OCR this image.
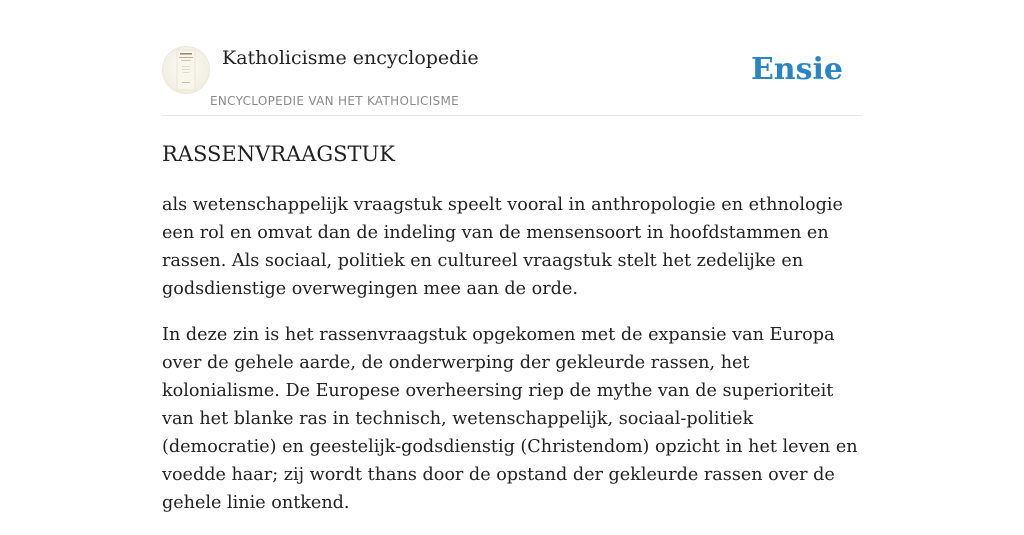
Katholicisme encyclopedie
ENCYCLOPEDIE VAN HET KATHOLICISME
Ensie
RASSENVRAAGSTUK

als wetenschappelijk vraagstuk speelt vooral in anthropologie en ethnologie een rol en omvat dan de indeling van de mensensoort in hoofdstammen en rassen. Als sociaal, politiek en cultureel vraagstuk stelt het zedelijke en godsdienstige overwegingen mee aan de orde.

In deze zin is het rassenvraagstuk opgekomen met de expansie van Europa over de gehele aarde, de onderwerping der gekleurde rassen, het kolonialisme. De Europese overheersing riep de mythe van de superioriteit van het blanke ras in technisch, wetenschappelijk, sociaal-politiek (democratie) en geestelijk-godsdienstig (Christendom) opzicht in het leven en voedde haar; zij wordt thans door de opstand der gekleurde rassen over de gehele linie ontkend.
